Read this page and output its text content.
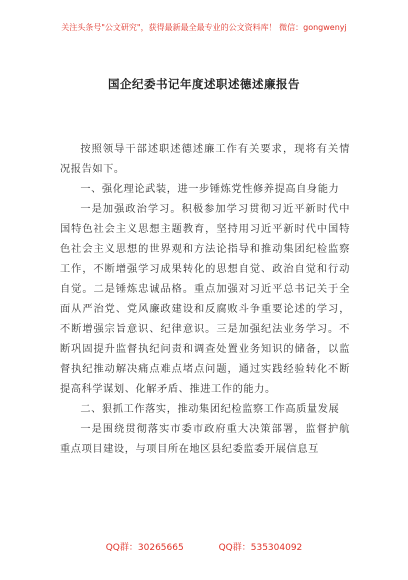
关注头条号"公文研究"，获得最新最全最专业的公文资料库！ 微信：gongwenyj
国企纪委书记年度述职述德述廉报告

按照领导干部述职述德述廉工作有关要求，现将有关情况报告如下。

一、强化理论武装，进一步锤炼党性修养提高自身能力

一是加强政治学习。积极参加学习贯彻习近平新时代中国特色社会主义思想主题教育，坚持用习近平新时代中国特色社会主义思想的世界观和方法论指导和推动集团纪检监察工作，不断增强学习成果转化的思想自觉、政治自觉和行动自觉。二是锤炼忠诚品格。重点加强对习近平总书记关于全面从严治党、党风廉政建设和反腐败斗争重要论述的学习，不断增强宗旨意识、纪律意识。三是加强纪法业务学习。不断巩固提升监督执纪问责和调查处置业务知识的储备，以监督执纪推动解决痛点难点堵点问题，通过实践经验转化不断提高科学谋划、化解矛盾、推进工作的能力。

二、狠抓工作落实，推动集团纪检监察工作高质量发展

一是围绕贯彻落实市委市政府重大决策部署，监督护航重点项目建设，与项目所在地区县纪委监委开展信息互

QQ群：30265665	QQ群：535304092
